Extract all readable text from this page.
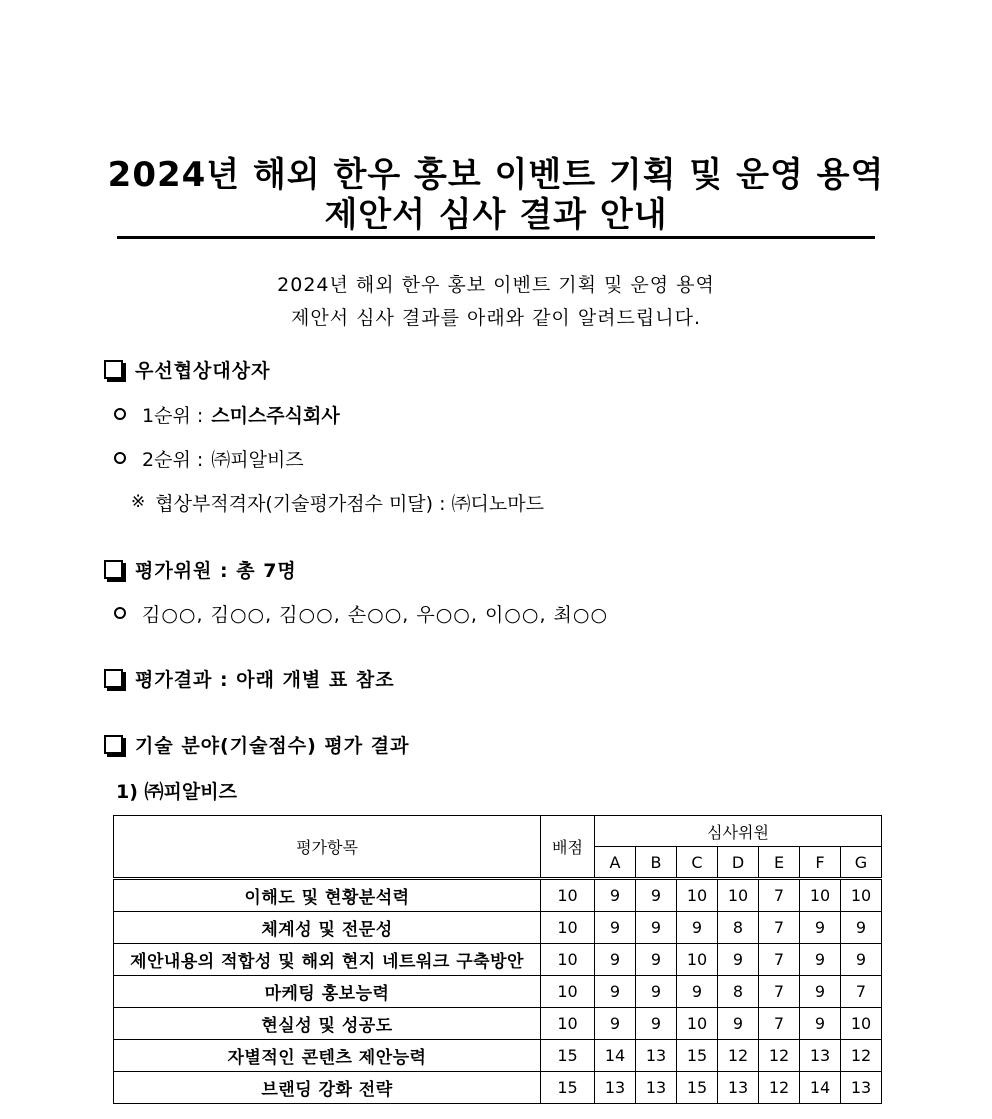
2024년 해외 한우 홍보 이벤트 기획 및 운영 용역
제안서 심사 결과 안내
2024년 해외 한우 홍보 이벤트 기획 및 운영 용역
제안서 심사 결과를 아래와 같이 알려드립니다.
우선협상대상자
1순위 : 스미스주식회사
2순위 : ㈜피알비즈
※ 협상부적격자(기술평가점수 미달) : ㈜디노마드
평가위원 : 총 7명
김○○, 김○○, 김○○, 손○○, 우○○, 이○○, 최○○
평가결과 : 아래 개별 표 참조
기술 분야(기술점수) 평가 결과
1) ㈜피알비즈
평가항목	배점	심사위원						
		A	B	C	D	E	F	G
이해도 및 현황분석력	10	9	9	10	10	7	10	10
체계성 및 전문성	10	9	9	9	8	7	9	9
제안내용의 적합성 및 해외 현지 네트워크 구축방안	10	9	9	10	9	7	9	9
마케팅 홍보능력	10	9	9	9	8	7	9	7
현실성 및 성공도	10	9	9	10	9	7	9	10
자별적인 콘텐츠 제안능력	15	14	13	15	12	12	13	12
브랜딩 강화 전략	15	13	13	15	13	12	14	13
